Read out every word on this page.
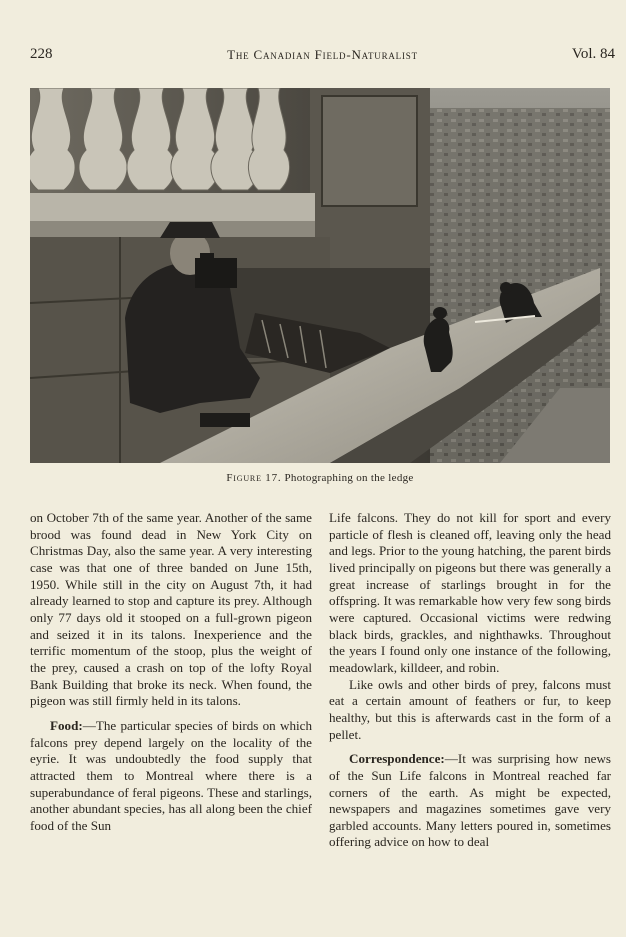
228	The Canadian Field-Naturalist	Vol. 84
Figure 17. Photographing on the ledge

on October 7th of the same year. Another of the same brood was found dead in New York City on Christmas Day, also the same year. A very interesting case was that one of three banded on June 15th, 1950. While still in the city on August 7th, it had already learned to stop and capture its prey. Although only 77 days old it stooped on a full-grown pigeon and seized it in its talons. Inexperience and the terrific momentum of the stoop, plus the weight of the prey, caused a crash on top of the lofty Royal Bank Building that broke its neck. When found, the pigeon was still firmly held in its talons.

Food:—The particular species of birds on which falcons prey depend largely on the locality of the eyrie. It was undoubtedly the food supply that attracted them to Montreal where there is a superabundance of feral pigeons. These and starlings, another abundant species, has all along been the chief food of the Sun

Life falcons. They do not kill for sport and every particle of flesh is cleaned off, leaving only the head and legs. Prior to the young hatching, the parent birds lived principally on pigeons but there was generally a great increase of starlings brought in for the offspring. It was remarkable how very few song birds were captured. Occasional victims were redwing black birds, grackles, and nighthawks. Throughout the years I found only one instance of the following, meadowlark, killdeer, and robin.

Like owls and other birds of prey, falcons must eat a certain amount of feathers or fur, to keep healthy, but this is afterwards cast in the form of a pellet.

Correspondence:—It was surprising how news of the Sun Life falcons in Montreal reached far corners of the earth. As might be expected, newspapers and magazines sometimes gave very garbled accounts. Many letters poured in, sometimes offering advice on how to deal
